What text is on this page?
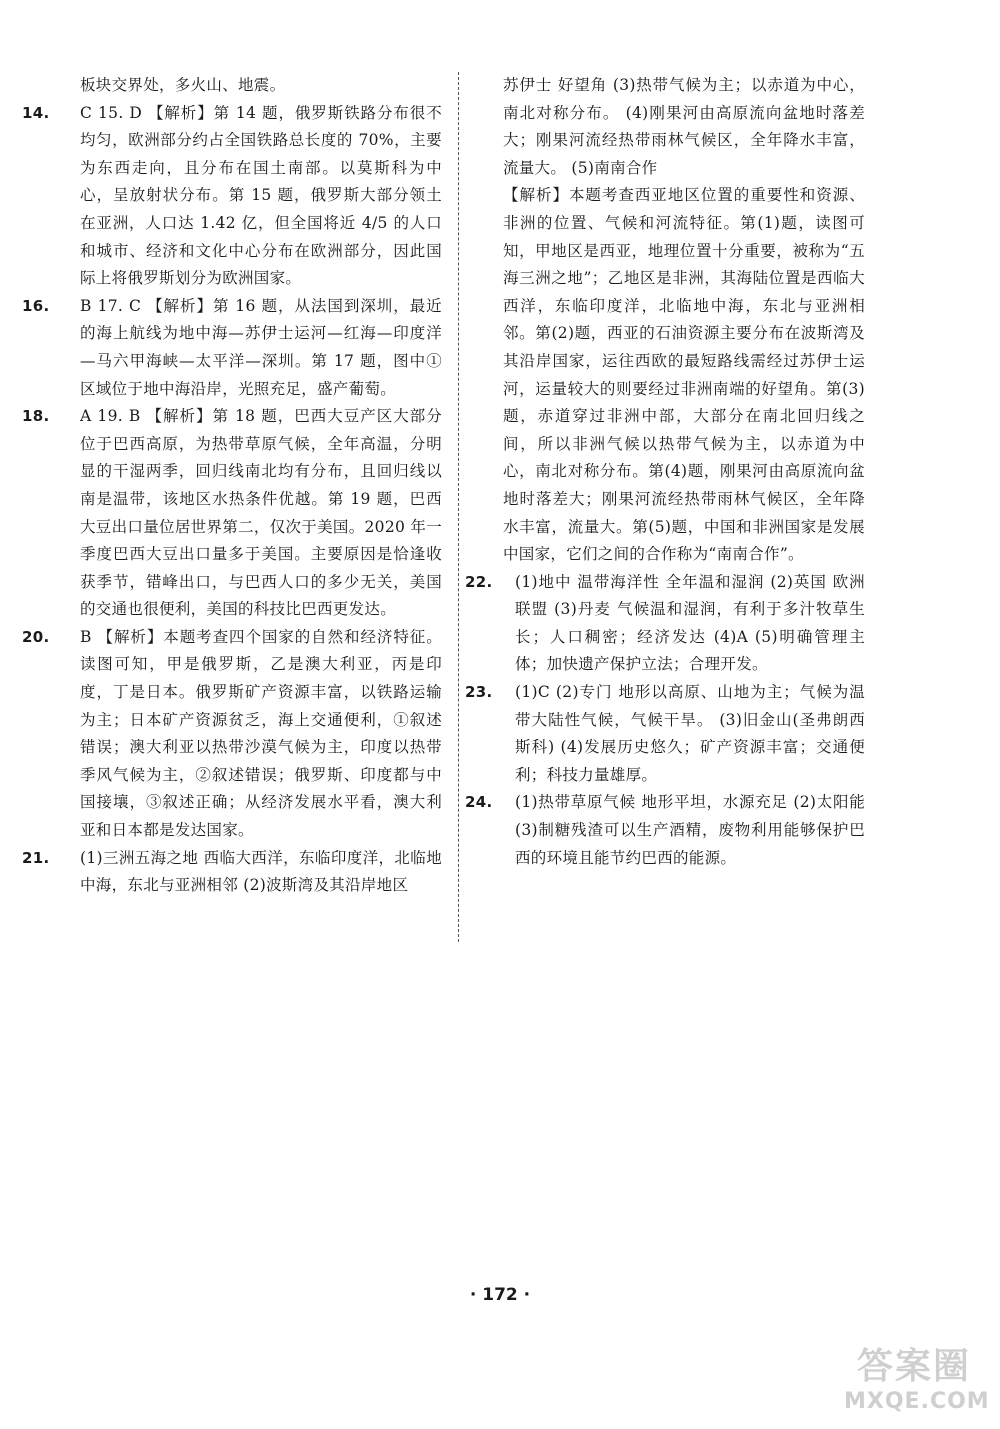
板块交界处，多火山、地震。

14. C 15. D 【解析】第 14 题，俄罗斯铁路分布很不均匀，欧洲部分约占全国铁路总长度的 70%，主要为东西走向，且分布在国土南部。以莫斯科为中心，呈放射状分布。第 15 题，俄罗斯大部分领土在亚洲，人口达 1.42 亿，但全国将近 4/5 的人口和城市、经济和文化中心分布在欧洲部分，因此国际上将俄罗斯划分为欧洲国家。

16. B 17. C 【解析】第 16 题，从法国到深圳，最近的海上航线为地中海—苏伊士运河—红海—印度洋—马六甲海峡—太平洋—深圳。第 17 题，图中①区域位于地中海沿岸，光照充足，盛产葡萄。

18. A 19. B 【解析】第 18 题，巴西大豆产区大部分位于巴西高原，为热带草原气候，全年高温，分明显的干湿两季，回归线南北均有分布，且回归线以南是温带，该地区水热条件优越。第 19 题，巴西大豆出口量位居世界第二，仅次于美国。2020 年一季度巴西大豆出口量多于美国。主要原因是恰逢收获季节，错峰出口，与巴西人口的多少无关，美国的交通也很便利，美国的科技比巴西更发达。

20. B 【解析】本题考查四个国家的自然和经济特征。读图可知，甲是俄罗斯，乙是澳大利亚，丙是印度，丁是日本。俄罗斯矿产资源丰富，以铁路运输为主；日本矿产资源贫乏，海上交通便利，①叙述错误；澳大利亚以热带沙漠气候为主，印度以热带季风气候为主，②叙述错误；俄罗斯、印度都与中国接壤，③叙述正确；从经济发展水平看，澳大利亚和日本都是发达国家。

21. (1)三洲五海之地 西临大西洋，东临印度洋，北临地中海，东北与亚洲相邻 (2)波斯湾及其沿岸地区

苏伊士 好望角 (3)热带气候为主；以赤道为中心，南北对称分布。 (4)刚果河由高原流向盆地时落差大；刚果河流经热带雨林气候区，全年降水丰富，流量大。 (5)南南合作

【解析】本题考查西亚地区位置的重要性和资源、非洲的位置、气候和河流特征。第(1)题，读图可知，甲地区是西亚，地理位置十分重要，被称为“五海三洲之地”；乙地区是非洲，其海陆位置是西临大西洋，东临印度洋，北临地中海，东北与亚洲相邻。第(2)题，西亚的石油资源主要分布在波斯湾及其沿岸国家，运往西欧的最短路线需经过苏伊士运河，运量较大的则要经过非洲南端的好望角。第(3)题，赤道穿过非洲中部，大部分在南北回归线之间，所以非洲气候以热带气候为主，以赤道为中心，南北对称分布。第(4)题，刚果河由高原流向盆地时落差大；刚果河流经热带雨林气候区，全年降水丰富，流量大。第(5)题，中国和非洲国家是发展中国家，它们之间的合作称为“南南合作”。

22. (1)地中 温带海洋性 全年温和湿润 (2)英国 欧洲联盟 (3)丹麦 气候温和湿润，有利于多汁牧草生长；人口稠密；经济发达 (4)A (5)明确管理主体；加快遗产保护立法；合理开发。

23. (1)C (2)专门 地形以高原、山地为主；气候为温带大陆性气候，气候干旱。 (3)旧金山(圣弗朗西斯科) (4)发展历史悠久；矿产资源丰富；交通便利；科技力量雄厚。

24. (1)热带草原气候 地形平坦，水源充足 (2)太阳能 (3)制糖残渣可以生产酒精，废物利用能够保护巴西的环境且能节约巴西的能源。

· 172 ·
答案圈
MXQE.COM
